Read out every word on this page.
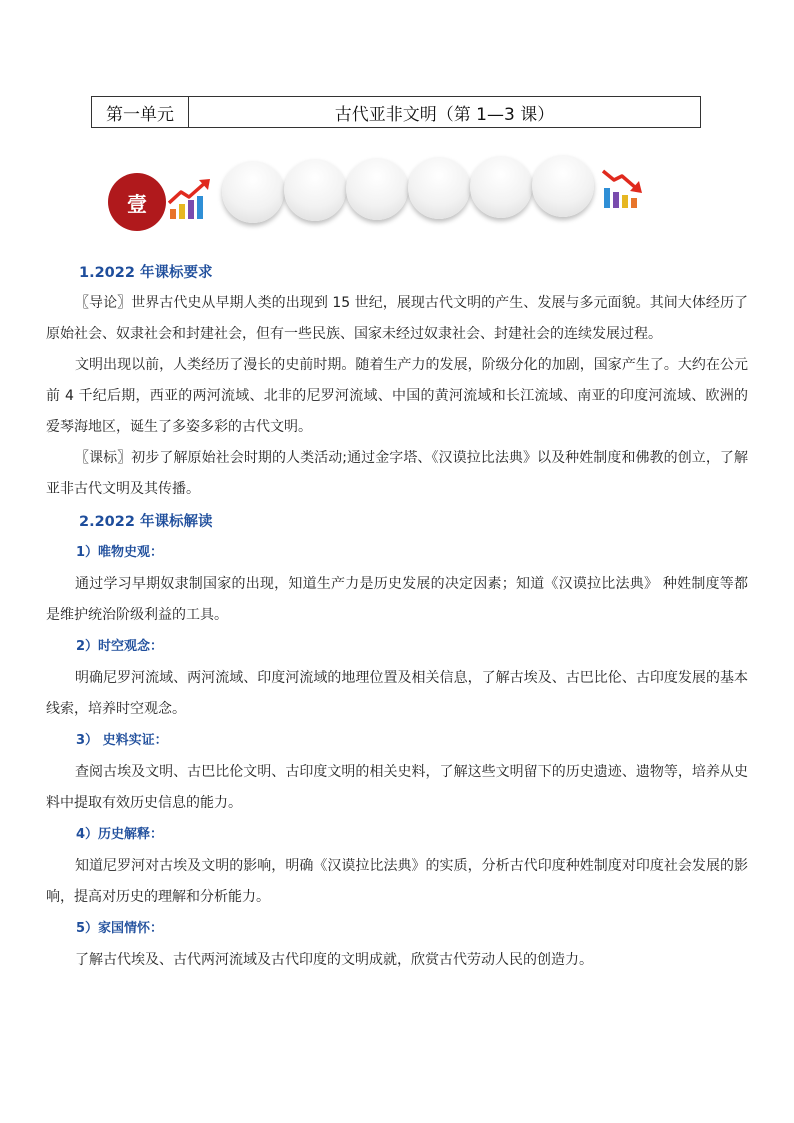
第一单元	古代亚非文明（第 1—3 课）
壹
1.2022 年课标要求
〖导论〗世界古代史从早期人类的出现到 15 世纪，展现古代文明的产生、发展与多元面貌。其间大体经历了原始社会、奴隶社会和封建社会，但有一些民族、国家未经过奴隶社会、封建社会的连续发展过程。
文明出现以前，人类经历了漫长的史前时期。随着生产力的发展，阶级分化的加剧，国家产生了。大约在公元前 4 千纪后期，西亚的两河流域、北非的尼罗河流域、中国的黄河流域和长江流域、南亚的印度河流域、欧洲的爱琴海地区，诞生了多姿多彩的古代文明。
〖课标〗初步了解原始社会时期的人类活动;通过金字塔、《汉谟拉比法典》以及种姓制度和佛教的创立，了解亚非古代文明及其传播。
2.2022 年课标解读
1）唯物史观：
通过学习早期奴隶制国家的出现，知道生产力是历史发展的决定因素；知道《汉谟拉比法典》 种姓制度等都是维护统治阶级利益的工具。
2）时空观念：
明确尼罗河流域、两河流域、印度河流域的地理位置及相关信息，了解古埃及、古巴比伦、古印度发展的基本线索，培养时空观念。
3） 史料实证：
查阅古埃及文明、古巴比伦文明、古印度文明的相关史料，了解这些文明留下的历史遗迹、遗物等，培养从史料中提取有效历史信息的能力。
4）历史解释：
知道尼罗河对古埃及文明的影响，明确《汉谟拉比法典》的实质，分析古代印度种姓制度对印度社会发展的影响，提高对历史的理解和分析能力。
5）家国情怀：
了解古代埃及、古代两河流域及古代印度的文明成就，欣赏古代劳动人民的创造力。
